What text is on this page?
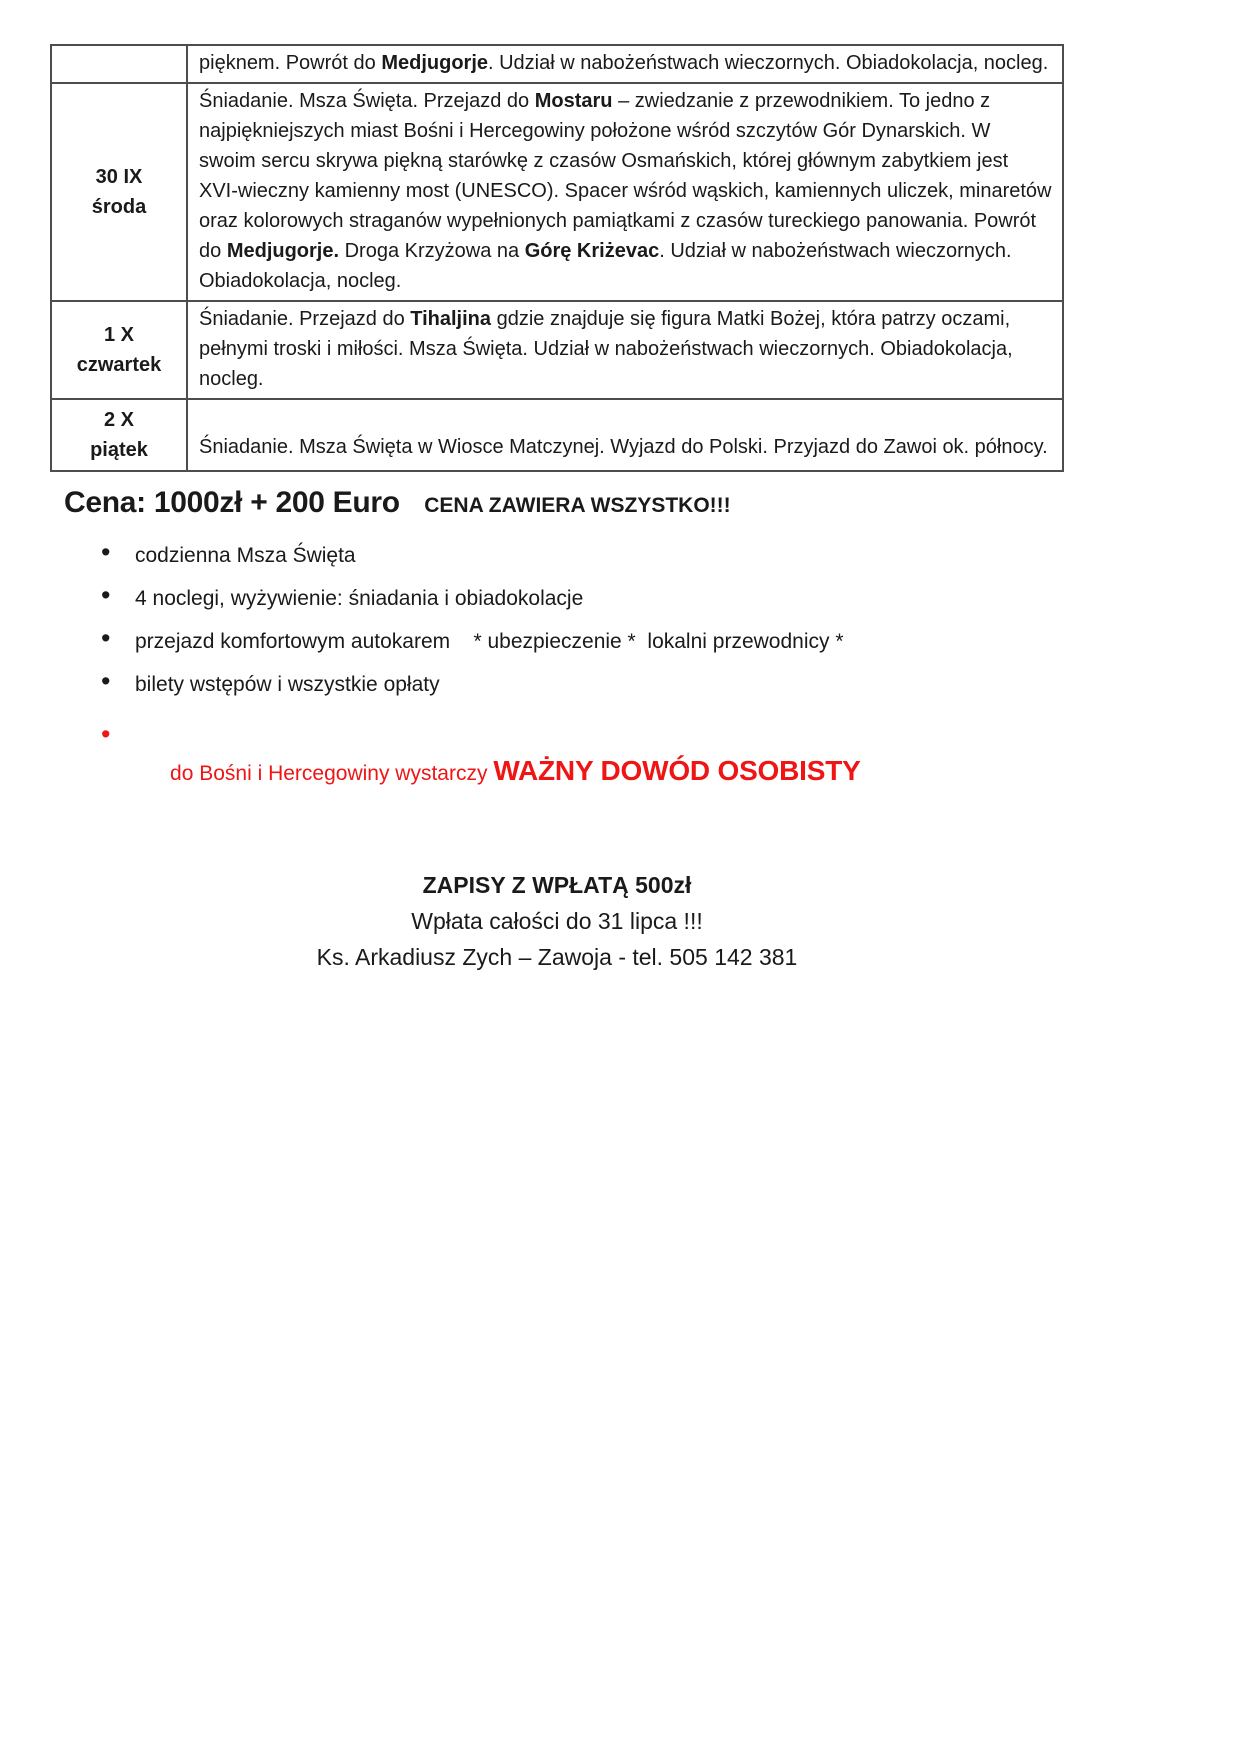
	pięknem. Powrót do Medjugorje. Udział w nabożeństwach wieczornych. Obiadokolacja, nocleg.
30 IX
środa	Śniadanie. Msza Święta. Przejazd do Mostaru – zwiedzanie z przewodnikiem. To jedno z najpiękniejszych miast Bośni i Hercegowiny położone wśród szczytów Gór Dynarskich. W swoim sercu skrywa piękną starówkę z czasów Osmańskich, której głównym zabytkiem jest XVI-wieczny kamienny most (UNESCO). Spacer wśród wąskich, kamiennych uliczek, minaretów oraz kolorowych straganów wypełnionych pamiątkami z czasów tureckiego panowania. Powrót do Medjugorje. Droga Krzyżowa na Górę Kriżevac. Udział w nabożeństwach wieczornych. Obiadokolacja, nocleg.
1 X
czwartek	Śniadanie. Przejazd do Tihaljina gdzie znajduje się figura Matki Bożej, która patrzy oczami, pełnymi troski i miłości. Msza Święta. Udział w nabożeństwach wieczornych. Obiadokolacja, nocleg.
2 X
piątek	Śniadanie. Msza Święta w Wiosce Matczynej. Wyjazd do Polski. Przyjazd do Zawoi ok. północy.
Cena: 1000zł + 200 Euro CENA ZAWIERA WSZYSTKO!!!
• codzienna Msza Święta
• 4 noclegi, wyżywienie: śniadania i obiadokolacje
• przejazd komfortowym autokarem    * ubezpieczenie *  lokalni przewodnicy *
• bilety wstępów i wszystkie opłaty

• do Bośni i Hercegowiny wystarczy WAŻNY DOWÓD OSOBISTY

ZAPISY Z WPŁATĄ 500zł
Wpłata całości do 31 lipca !!!
Ks. Arkadiusz Zych – Zawoja - tel. 505 142 381
